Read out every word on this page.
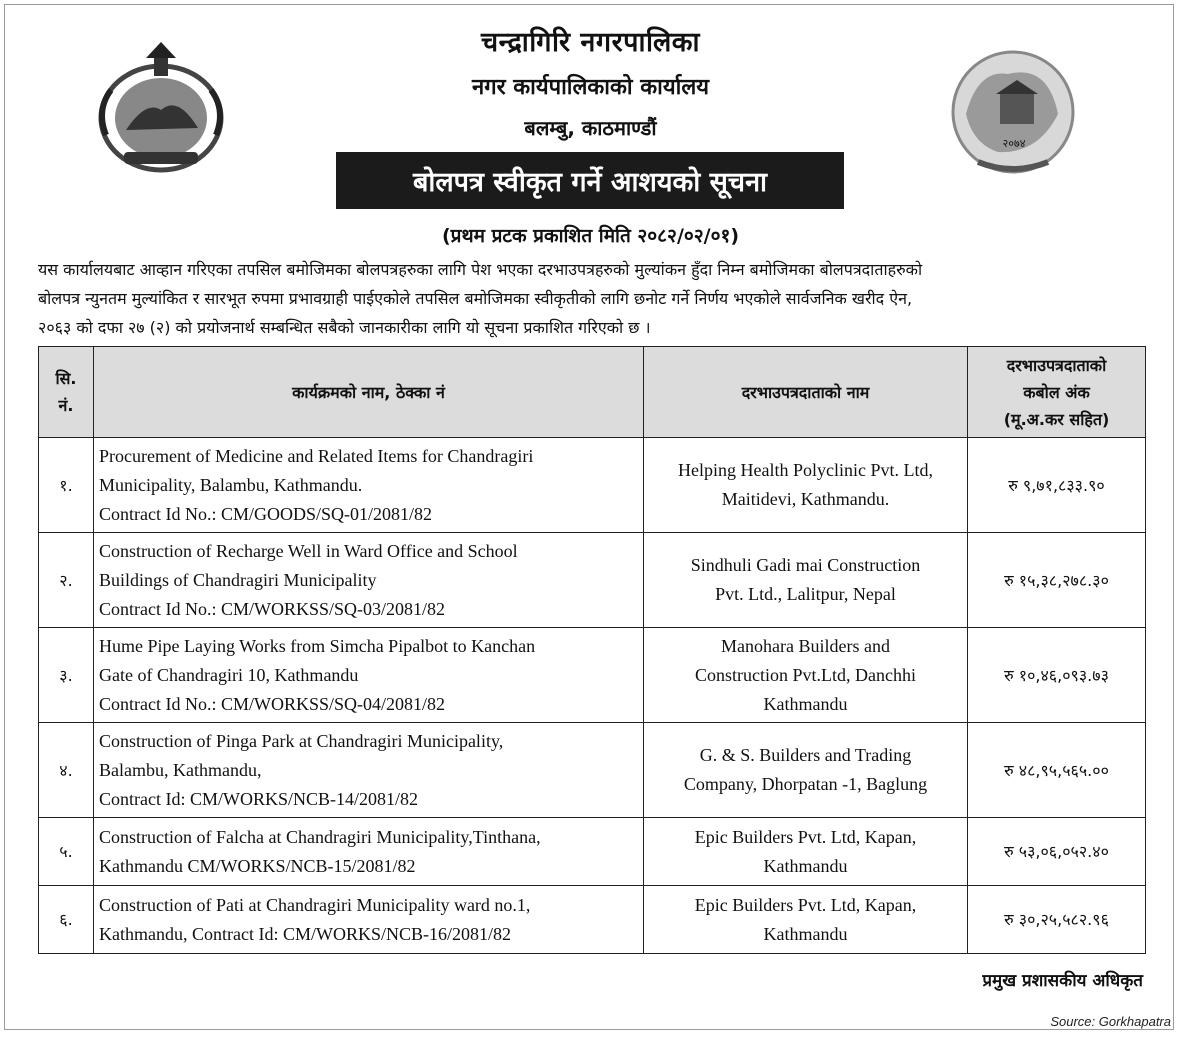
२०७४
चन्द्रागिरि नगरपालिका
नगर कार्यपालिकाको कार्यालय
बलम्बु, काठमाण्डौं
बोलपत्र स्वीकृत गर्ने आशयको सूचना
(प्रथम प्रटक प्रकाशित मिति २०८२/०२/०१)
यस कार्यालयबाट आव्हान गरिएका तपसिल बमोजिमका बोलपत्रहरुका लागि पेश भएका दरभाउपत्रहरुको मुल्यांकन हुँदा निम्न बमोजिमका बोलपत्रदाताहरुको
बोलपत्र न्युनतम मुल्यांकित र सारभूत रुपमा प्रभावग्राही पाईएकोले तपसिल बमोजिमका स्वीकृतीको लागि छनोट गर्ने निर्णय भएकोले सार्वजनिक खरीद ऐन,
२०६३ को दफा २७ (२) को प्रयोजनार्थ सम्बन्धित सबैको जानकारीका लागि यो सूचना प्रकाशित गरिएको छ ।
सि.
नं.	कार्यक्रमको नाम, ठेक्का नं	दरभाउपत्रदाताको नाम	दरभाउपत्रदाताको
कबोल अंक
(मू.अ.कर सहित)

१.	Procurement of Medicine and Related Items for Chandragiri
Municipality, Balambu, Kathmandu.
Contract Id No.: CM/GOODS/SQ-01/2081/82	Helping Health Polyclinic Pvt. Ltd,
Maitidevi, Kathmandu.	रु ९,७१,८३३.९०
२.	Construction of Recharge Well in Ward Office and School
Buildings of Chandragiri Municipality
Contract Id No.: CM/WORKSS/SQ-03/2081/82	Sindhuli Gadi mai Construction
Pvt. Ltd., Lalitpur, Nepal	रु १५,३८,२७८.३०
३.	Hume Pipe Laying Works from Simcha Pipalbot to Kanchan
Gate of Chandragiri 10, Kathmandu
Contract Id No.: CM/WORKSS/SQ-04/2081/82	Manohara Builders and
Construction Pvt.Ltd, Danchhi
Kathmandu	रु १०,४६,०९३.७३
४.	Construction of Pinga Park at Chandragiri Municipality,
Balambu, Kathmandu,
Contract Id: CM/WORKS/NCB-14/2081/82	G. & S. Builders and Trading
Company, Dhorpatan -1, Baglung	रु ४८,९५,५६५.००
५.	Construction of Falcha at Chandragiri Municipality,Tinthana,
Kathmandu CM/WORKS/NCB-15/2081/82	Epic Builders Pvt. Ltd, Kapan,
Kathmandu	रु ५३,०६,०५२.४०
६.	Construction of Pati at Chandragiri Municipality ward no.1,
Kathmandu, Contract Id: CM/WORKS/NCB-16/2081/82	Epic Builders Pvt. Ltd, Kapan,
Kathmandu	रु ३०,२५,५८२.९६
प्रमुख प्रशासकीय अधिकृत
Source: Gorkhapatra
